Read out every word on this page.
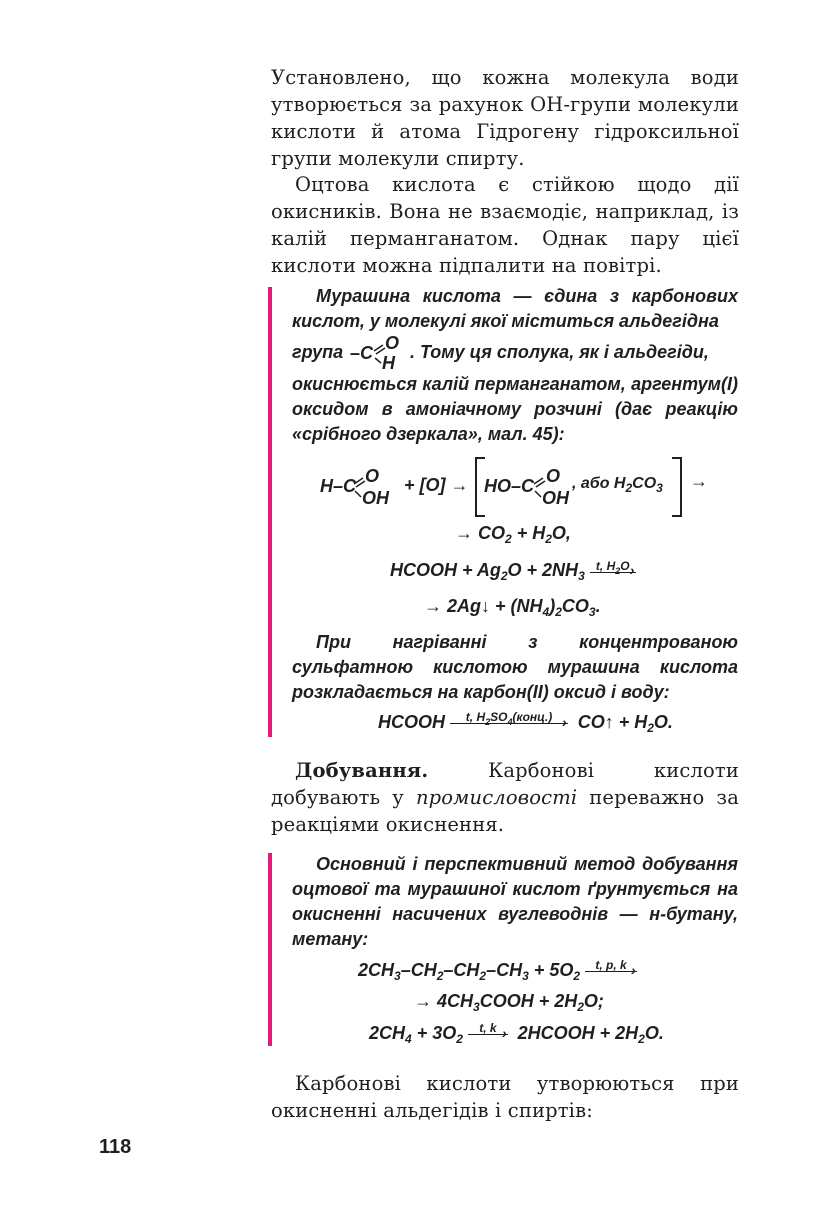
Установлено, що кожна молекула води утворюється за рахунок ОН-групи молекули кислоти й атома Гідрогену гідроксильної групи молекули спирту.

Оцтова кислота є стійкою щодо дії окисників. Вона не взаємодіє, наприклад, із калій перманганатом. Однак пару цієї кислоти можна підпалити на повітрі.

Мурашина кислота — єдина з карбонових кислот, у молекулі якої міститься альдегідна

група –C O
H
. Тому ця сполука, як і альдегіди,

окиснюється калій перманганатом, аргентум(І) оксидом в амоніачному розчині (дає реакцію «срібного дзеркала», мал. 45):

H–C O
OH
+ [O] → HO–C O
OH
, або $H_2CO_3$ →
→ $CO_2 + H_2O$,
HCOOH + $Ag_2O + 2NH_3$
t, $H_2O$ ›
→ 2Ag↓ + $(NH_4)_2CO_3$.

При нагріванні з концентрованою сульфатною кислотою мурашина кислота розкладається на карбон(II) оксид і воду:

HCOOH	t, $H_2SO_4(конц.)$ › CO↑ + $H_2O$.

Добування. Карбонові кислоти добувають у промисловості переважно за реакціями окиснення.

Основний і перспективний метод добування оцтової та мурашиної кислот ґрунтується на окисненні насичених вуглеводнів — н-бутану, метану:

$2CH_3-CH_2-CH_2-CH_3 + 5O_2$
t, p, k ›
→ $4CH_3COOH + 2H_2O$;
$2CH_4 + 3O_2$
t, k › 2HCOOH + $2H_2O$.

Карбонові кислоти утворюються при окисненні альдегідів і спиртів:

118
